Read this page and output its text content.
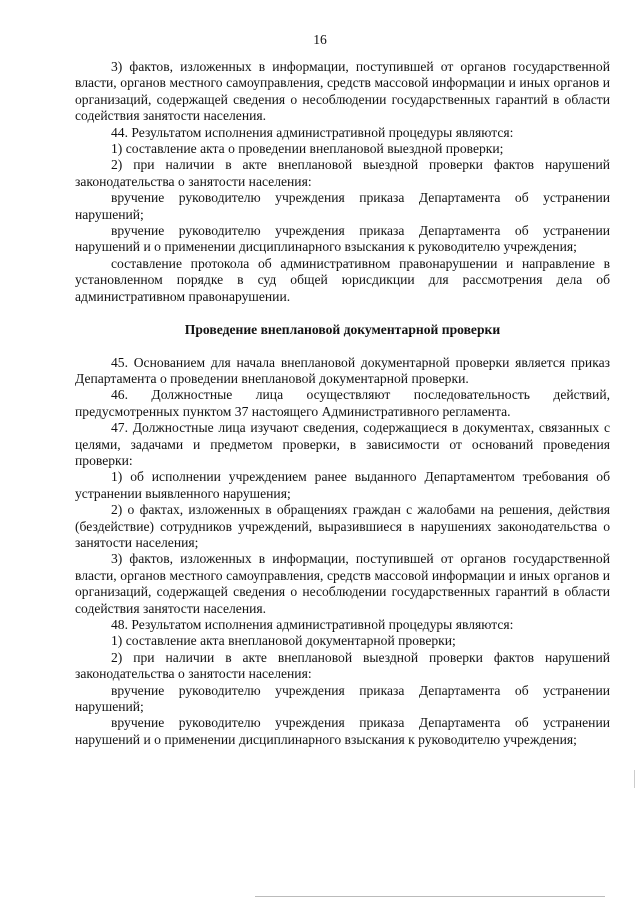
16

3) фактов, изложенных в информации, поступившей от органов государственной власти, органов местного самоуправления, средств массовой информации и иных органов и организаций, содержащей сведения о несоблюдении государственных гарантий в области содействия занятости населения.

44. Результатом исполнения административной процедуры являются:

1) составление акта о проведении внеплановой выездной проверки;

2) при наличии в акте внеплановой выездной проверки фактов нарушений законодательства о занятости населения:

вручение руководителю учреждения приказа Департамента об устранении нарушений;

вручение руководителю учреждения приказа Департамента об устранении нарушений и о применении дисциплинарного взыскания к руководителю учреждения;

составление протокола об административном правонарушении и направление в установленном порядке в суд общей юрисдикции для рассмотрения дела об административном правонарушении.

Проведение внеплановой документарной проверки

45. Основанием для начала внеплановой документарной проверки является приказ Департамента о проведении внеплановой документарной проверки.

46. Должностные лица осуществляют последовательность действий, предусмотренных пунктом 37 настоящего Административного регламента.

47. Должностные лица изучают сведения, содержащиеся в документах, связанных с целями, задачами и предметом проверки, в зависимости от оснований проведения проверки:

1) об исполнении учреждением ранее выданного Департаментом требования об устранении выявленного нарушения;

2) о фактах, изложенных в обращениях граждан с жалобами на решения, действия (бездействие) сотрудников учреждений, выразившиеся в нарушениях законодательства о занятости населения;

3) фактов, изложенных в информации, поступившей от органов государственной власти, органов местного самоуправления, средств массовой информации и иных органов и организаций, содержащей сведения о несоблюдении государственных гарантий в области содействия занятости населения.

48. Результатом исполнения административной процедуры являются:

1) составление акта внеплановой документарной проверки;

2) при наличии в акте внеплановой выездной проверки фактов нарушений законодательства о занятости населения:

вручение руководителю учреждения приказа Департамента об устранении нарушений;

вручение руководителю учреждения приказа Департамента об устранении нарушений и о применении дисциплинарного взыскания к руководителю учреждения;
